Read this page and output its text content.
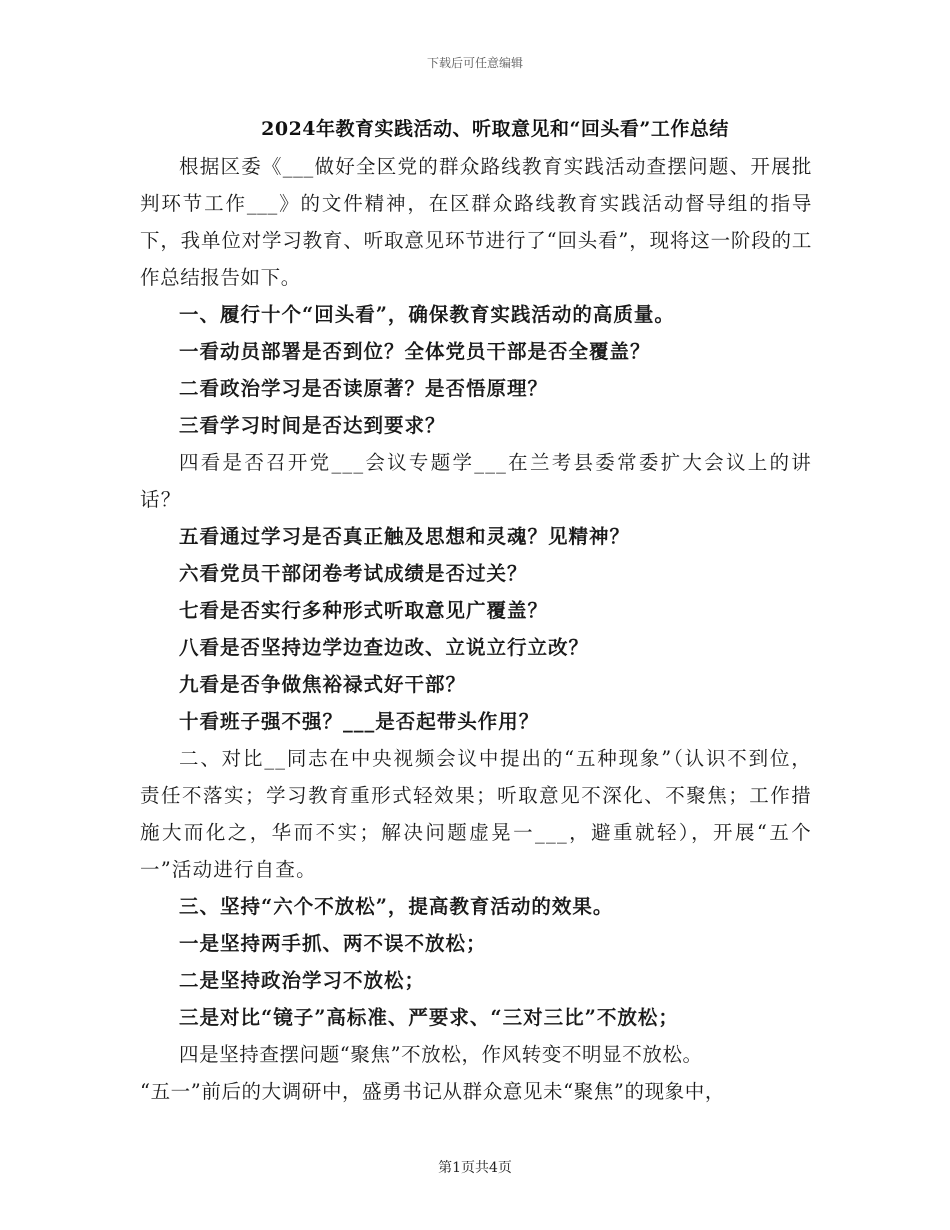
下载后可任意编辑
2024年教育实践活动、听取意见和“回头看”工作总结

根据区委《___做好全区党的群众路线教育实践活动查摆问题、开展批判环节工作___》的文件精神，在区群众路线教育实践活动督导组的指导下，我单位对学习教育、听取意见环节进行了“回头看”，现将这一阶段的工作总结报告如下。

一、履行十个“回头看”，确保教育实践活动的高质量。

一看动员部署是否到位？全体党员干部是否全覆盖？

二看政治学习是否读原著？是否悟原理？

三看学习时间是否达到要求？

四看是否召开党___会议专题学___在兰考县委常委扩大会议上的讲话？

五看通过学习是否真正触及思想和灵魂？见精神？

六看党员干部闭卷考试成绩是否过关？

七看是否实行多种形式听取意见广覆盖？

八看是否坚持边学边查边改、立说立行立改？

九看是否争做焦裕禄式好干部？

十看班子强不强？___是否起带头作用？

二、对比__同志在中央视频会议中提出的“五种现象”（认识不到位，责任不落实；学习教育重形式轻效果；听取意见不深化、不聚焦；工作措施大而化之，华而不实；解决问题虚晃一___，避重就轻），开展“五个一”活动进行自查。

三、坚持“六个不放松”，提高教育活动的效果。

一是坚持两手抓、两不误不放松；

二是坚持政治学习不放松；

三是对比“镜子”高标准、严要求、“三对三比”不放松；

四是坚持查摆问题“聚焦”不放松，作风转变不明显不放松。

“五一”前后的大调研中，盛勇书记从群众意见未“聚焦”的现象中，

第1页共4页
